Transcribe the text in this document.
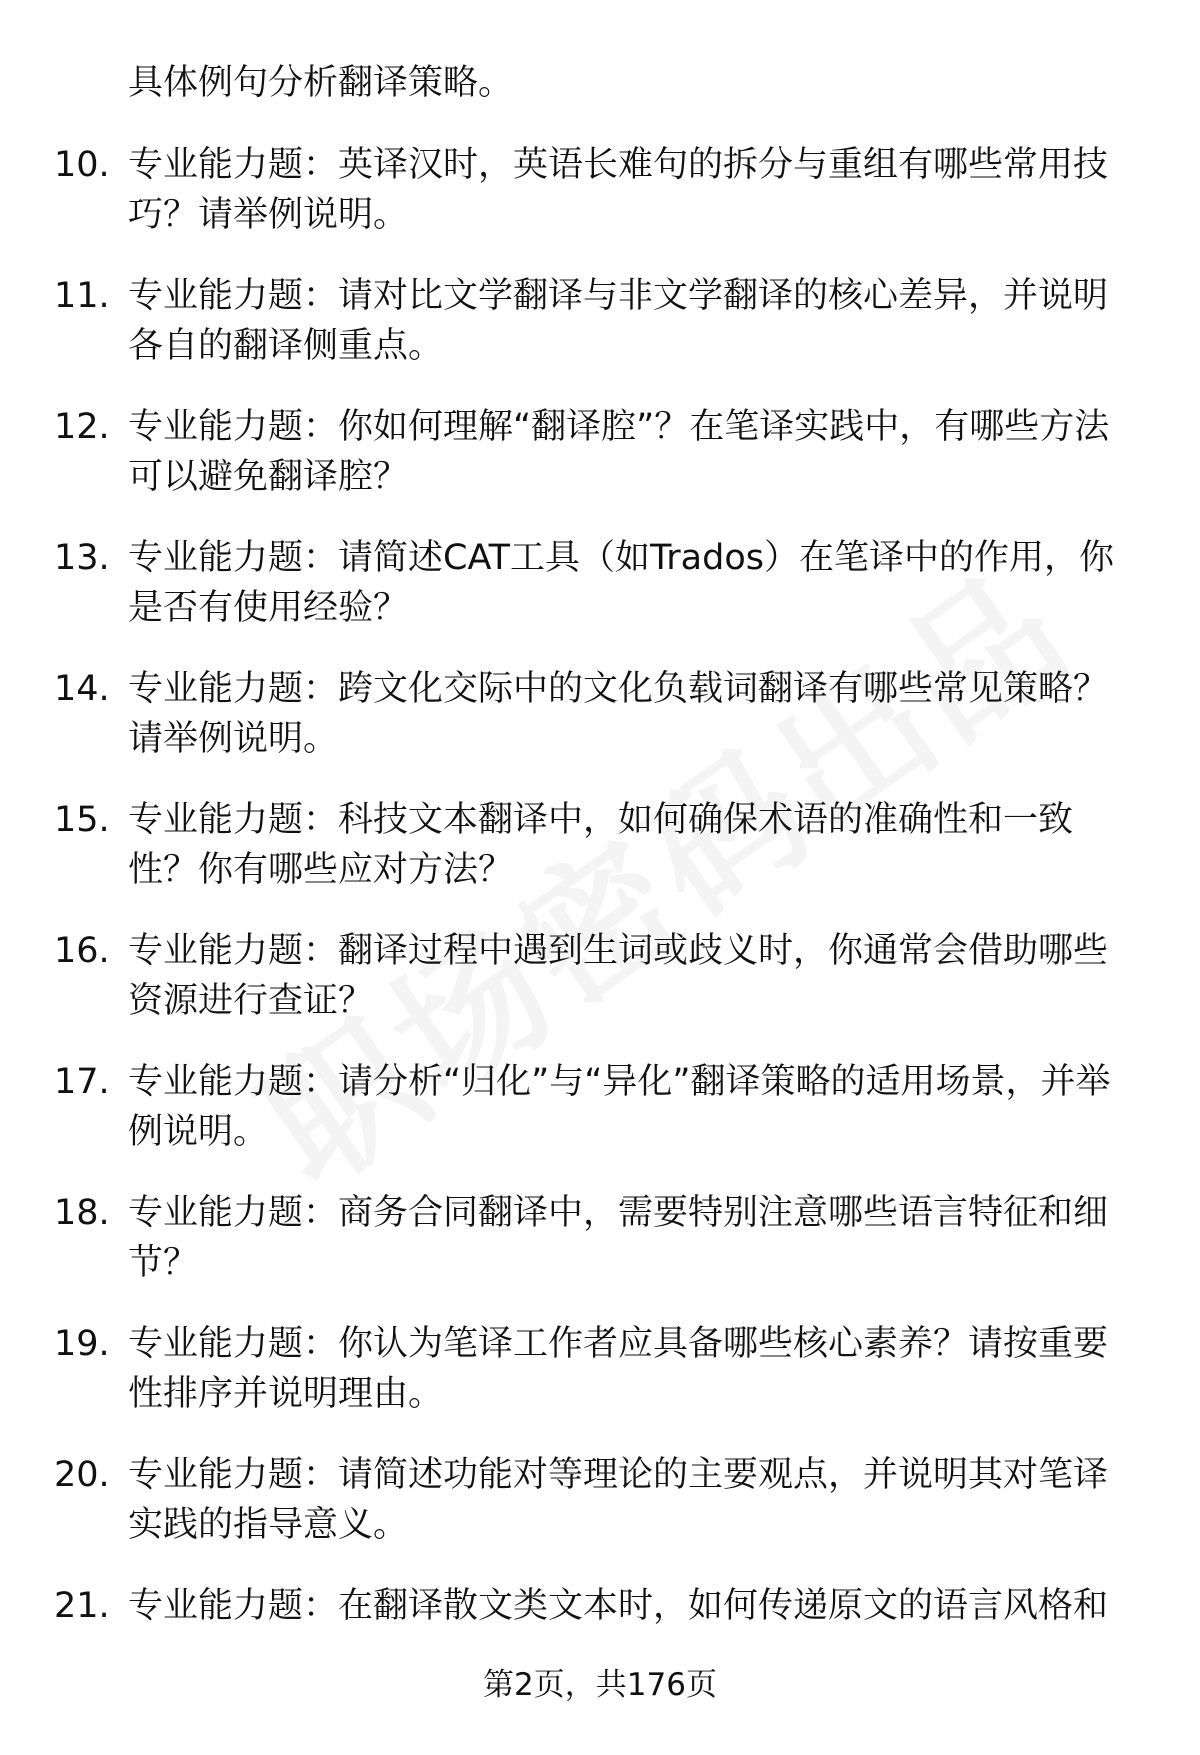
具体例句分析翻译策略。
10. 专业能力题：英译汉时，英语长难句的拆分与重组有哪些常用技巧？请举例说明。
11. 专业能力题：请对比文学翻译与非文学翻译的核心差异，并说明各自的翻译侧重点。
12. 专业能力题：你如何理解“翻译腔”？在笔译实践中，有哪些方法可以避免翻译腔？
13. 专业能力题：请简述CAT工具（如Trados）在笔译中的作用，你是否有使用经验？
14. 专业能力题：跨文化交际中的文化负载词翻译有哪些常见策略？请举例说明。
15. 专业能力题：科技文本翻译中，如何确保术语的准确性和一致性？你有哪些应对方法？
16. 专业能力题：翻译过程中遇到生词或歧义时，你通常会借助哪些资源进行查证？
17. 专业能力题：请分析“归化”与“异化”翻译策略的适用场景，并举例说明。
18. 专业能力题：商务合同翻译中，需要特别注意哪些语言特征和细节？
19. 专业能力题：你认为笔译工作者应具备哪些核心素养？请按重要性排序并说明理由。
20. 专业能力题：请简述功能对等理论的主要观点，并说明其对笔译实践的指导意义。
21. 专业能力题：在翻译散文类文本时，如何传递原文的语言风格和
第2页，共176页
